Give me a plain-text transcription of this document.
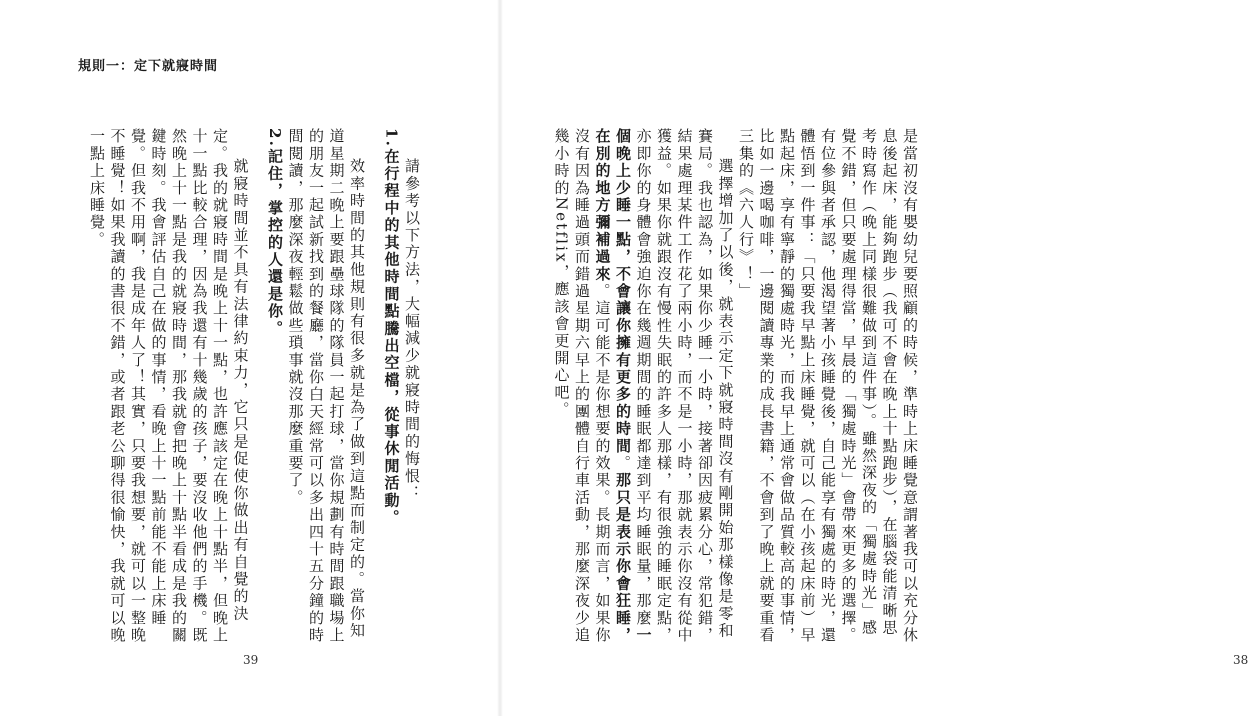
規則一：定下就寢時間

請參考以下方法，大幅減少就寢時間的悔恨：

1.在行程中的其他時間點騰出空檔，從事休閒活動。

效率時間的其他規則有很多就是為了做到這點而制定的。當你知道星期二晚上要跟壘球隊的隊員一起打球，當你規劃有時間跟職場上的朋友一起試新找到的餐廳，當你白天經常可以多出四十五分鐘的時間閱讀，那麼深夜輕鬆做些瑣事就沒那麼重要了。

2.記住，掌控的人還是你。

就寢時間並不具有法律約束力，它只是促使你做出有自覺的決定。我的就寢時間是晚上十一點，也許應該定在晚上十點半，但晚上十一點比較合理，因為我還有十幾歲的孩子，要沒收他們的手機。既然晚上十一點是我的就寢時間，那我就會把晚上十點半看成是我的關鍵時刻。我會評估自己在做的事情，看晚上十一點前能不能上床睡覺。但我不用啊，我是成年人了！其實，只要我想要，就可以一整晚不睡覺！如果我讀的書很不錯，或者跟老公聊得很愉快，我就可以晚一點上床睡覺。

39

是當初沒有嬰幼兒要照顧的時候，準時上床睡覺意謂著我可以充分休息後起床，能夠跑步（我可不會在晚上十點跑步），在腦袋能清晰思考時寫作（晚上同樣很難做到這件事）。雖然深夜的「獨處時光」感覺不錯，但只要處理得當，早晨的「獨處時光」會帶來更多的選擇。有位參與者承認，他渴望著小孩睡覺後，自己能享有獨處的時光，還體悟到一件事：「只要我早點上床睡覺，就可以（在小孩起床前）早點起床，享有寧靜的獨處時光，而我早上通常會做品質較高的事情，比如一邊喝咖啡，一邊閱讀專業的成長書籍，不會到了晚上就要重看三集的《六人行》！」

選擇增加了以後，就表示定下就寢時間沒有剛開始那樣像是零和賽局。我也認為，如果你少睡一小時，接著卻因疲累分心，常犯錯，結果處理某件工作花了兩小時，而不是一小時，那就表示你沒有從中獲益。如果你就跟沒有慢性失眠的許多人那樣，有很強的睡眠定點，亦即你的身體會強迫你在幾週期間的睡眠都達到平均睡眠量，那麼一個晚上少睡一點，不會讓你擁有更多的時間。那只是表示你會狂睡，在別的地方彌補過來。這可能不是你想要的效果。長期而言，如果你沒有因為睡過頭而錯過星期六早上的團體自行車活動，那麼深夜少追幾小時的Netflix，應該會更開心吧。

38
